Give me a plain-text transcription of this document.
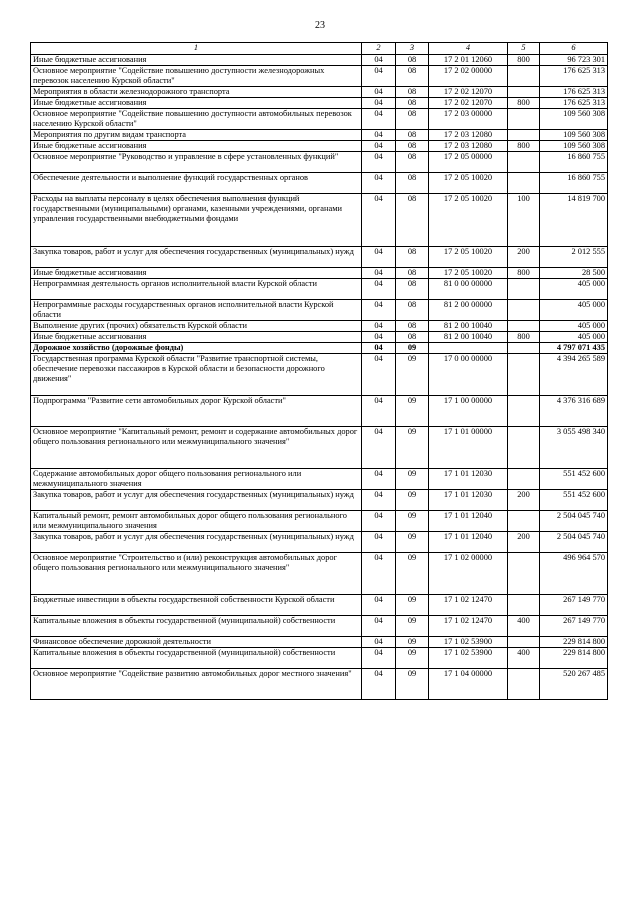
23
1	2	3	4	5	6
Иные бюджетные ассигнования	04	08	17 2 01 12060	800	96 723 301
Основное мероприятие "Содействие повышению доступности железнодорожных перевозок населению Курской области"	04	08	17 2 02 00000		176 625 313
Мероприятия в области железнодорожного транспорта	04	08	17 2 02 12070		176 625 313
Иные бюджетные ассигнования	04	08	17 2 02 12070	800	176 625 313
Основное мероприятие "Содействие повышению доступности автомобильных перевозок населению Курской области"	04	08	17 2 03 00000		109 560 308
Мероприятия по другим видам транспорта	04	08	17 2 03 12080		109 560 308
Иные бюджетные ассигнования	04	08	17 2 03 12080	800	109 560 308
Основное мероприятие "Руководство и управление в сфере установленных функций"	04	08	17 2 05 00000		16 860 755
Обеспечение деятельности и выполнение функций государственных органов	04	08	17 2 05 10020		16 860 755
Расходы на выплаты персоналу в целях обеспечения выполнения функций государственными (муниципальными) органами, казенными учреждениями, органами управления государственными внебюджетными фондами	04	08	17 2 05 10020	100	14 819 700
Закупка товаров, работ и услуг для обеспечения государственных (муниципальных) нужд	04	08	17 2 05 10020	200	2 012 555
Иные бюджетные ассигнования	04	08	17 2 05 10020	800	28 500
Непрограммная деятельность органов исполнительной власти Курской области	04	08	81 0 00 00000		405 000
Непрограммные расходы государственных органов исполнительной власти Курской области	04	08	81 2 00 00000		405 000
Выполнение других (прочих) обязательств Курской области	04	08	81 2 00 10040		405 000
Иные бюджетные ассигнования	04	08	81 2 00 10040	800	405 000
Дорожное хозяйство (дорожные фонды)	04	09			4 797 071 435
Государственная программа Курской области "Развитие транспортной системы, обеспечение перевозки пассажиров в Курской области и безопасности дорожного движения"	04	09	17 0 00 00000		4 394 265 589
Подпрограмма "Развитие сети автомобильных дорог Курской области"	04	09	17 1 00 00000		4 376 316 689
Основное мероприятие "Капитальный ремонт, ремонт и содержание автомобильных дорог общего пользования регионального или межмуниципального значения"	04	09	17 1 01 00000		3 055 498 340
Содержание автомобильных дорог общего пользования регионального или межмуниципального значения	04	09	17 1 01 12030		551 452 600
Закупка товаров, работ и услуг для обеспечения государственных (муниципальных) нужд	04	09	17 1 01 12030	200	551 452 600
Капитальный ремонт, ремонт автомобильных дорог общего пользования регионального или межмуниципального значения	04	09	17 1 01 12040		2 504 045 740
Закупка товаров, работ и услуг для обеспечения государственных (муниципальных) нужд	04	09	17 1 01 12040	200	2 504 045 740
Основное мероприятие "Строительство и (или) реконструкция автомобильных дорог общего пользования регионального или межмуниципального значения"	04	09	17 1 02 00000		496 964 570
Бюджетные инвестиции в объекты государственной собственности Курской области	04	09	17 1 02 12470		267 149 770
Капитальные вложения в объекты государственной (муниципальной) собственности	04	09	17 1 02 12470	400	267 149 770
Финансовое обеспечение дорожной деятельности	04	09	17 1 02 53900		229 814 800
Капитальные вложения в объекты государственной (муниципальной) собственности	04	09	17 1 02 53900	400	229 814 800
Основное мероприятие "Содействие развитию автомобильных дорог местного значения"	04	09	17 1 04 00000		520 267 485
